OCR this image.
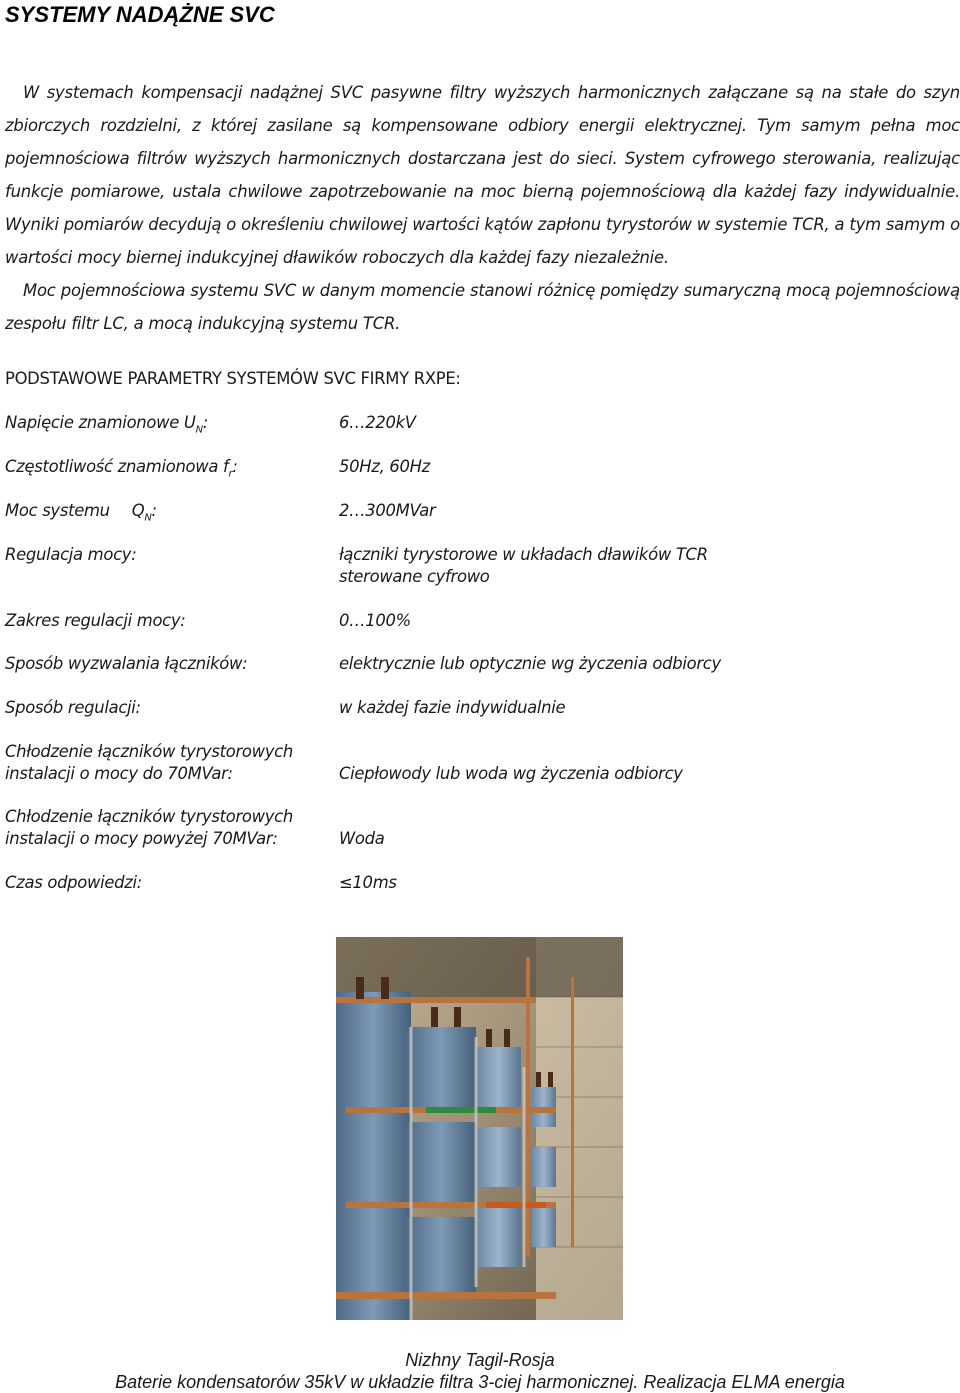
SYSTEMY NADĄŻNE SVC

W systemach kompensacji nadążnej SVC pasywne filtry wyższych harmonicznych załączane są na stałe do szyn zbiorczych rozdzielni, z której zasilane są kompensowane odbiory energii elektrycznej. Tym samym pełna moc pojemnościowa filtrów wyższych harmonicznych dostarczana jest do sieci. System cyfrowego sterowania, realizując funkcje pomiarowe, ustala chwilowe zapotrzebowanie na moc bierną pojemnościową dla każdej fazy indywidualnie. Wyniki pomiarów decydują o określeniu chwilowej wartości kątów zapłonu tyrystorów w systemie TCR, a tym samym o wartości mocy biernej indukcyjnej dławików roboczych dla każdej fazy niezależnie.

Moc pojemnościowa systemu SVC w danym momencie stanowi różnicę pomiędzy sumaryczną mocą pojemnościową zespołu filtr LC, a mocą indukcyjną systemu TCR.

PODSTAWOWE PARAMETRY SYSTEMÓW SVC FIRMY RXPE:
Napięcie znamionowe $U_N$:	6…220kV
Częstotliwość znamionowa $f_r$:	50Hz, 60Hz
Moc systemu $Q_N$:	2…300MVar
Regulacja mocy:	łączniki tyrystorowe w układach dławików TCR
sterowane cyfrowo
Zakres regulacji mocy:	0…100%
Sposób wyzwalania łączników:	elektrycznie lub optycznie wg życzenia odbiorcy
Sposób regulacji:	w każdej fazie indywidualnie
Chłodzenie łączników tyrystorowych
instalacji o mocy do 70MVar:	Ciepłowody lub woda wg życzenia odbiorcy
Chłodzenie łączników tyrystorowych
instalacji o mocy powyżej 70MVar:	Woda
Czas odpowiedzi:	≤10ms
Nizhny Tagil-Rosja
Baterie kondensatorów 35kV w układzie filtra 3-ciej harmonicznej. Realizacja ELMA energia
